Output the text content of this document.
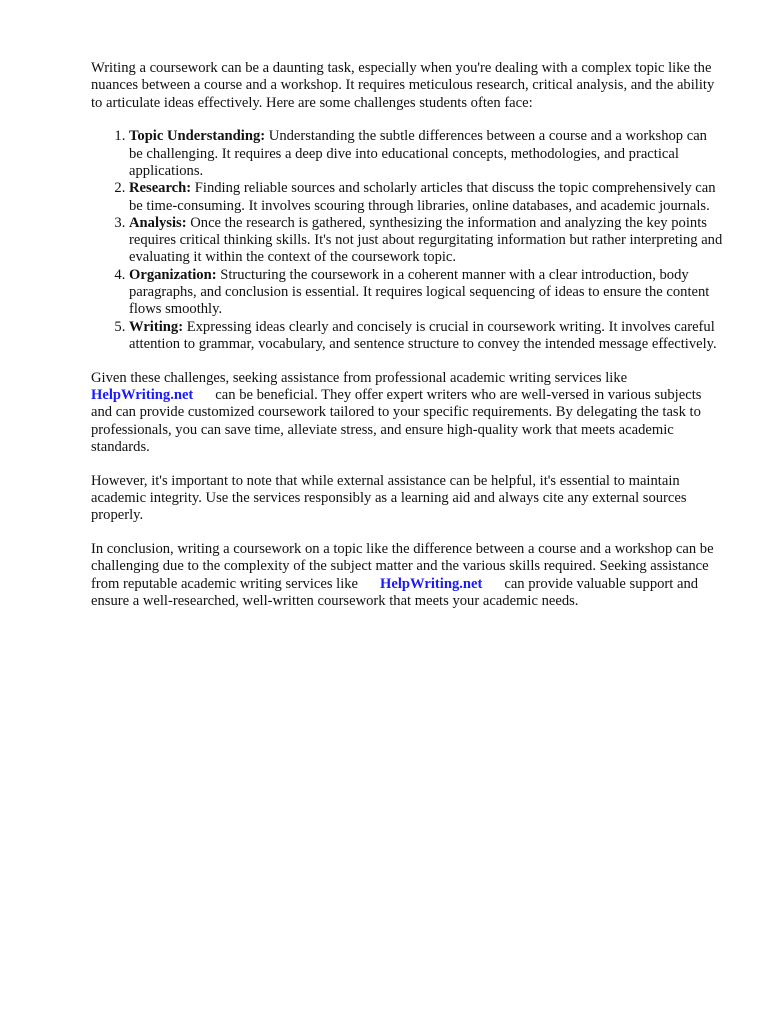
Writing a coursework can be a daunting task, especially when you're dealing with a complex topic like the nuances between a course and a workshop. It requires meticulous research, critical analysis, and the ability to articulate ideas effectively. Here are some challenges students often face:

1. Topic Understanding: Understanding the subtle differences between a course and a workshop can be challenging. It requires a deep dive into educational concepts, methodologies, and practical applications.
2. Research: Finding reliable sources and scholarly articles that discuss the topic comprehensively can be time-consuming. It involves scouring through libraries, online databases, and academic journals.
3. Analysis: Once the research is gathered, synthesizing the information and analyzing the key points requires critical thinking skills. It's not just about regurgitating information but rather interpreting and evaluating it within the context of the coursework topic.
4. Organization: Structuring the coursework in a coherent manner with a clear introduction, body paragraphs, and conclusion is essential. It requires logical sequencing of ideas to ensure the content flows smoothly.
5. Writing: Expressing ideas clearly and concisely is crucial in coursework writing. It involves careful attention to grammar, vocabulary, and sentence structure to convey the intended message effectively.

Given these challenges, seeking assistance from professional academic writing services like HelpWriting.net can be beneficial. They offer expert writers who are well-versed in various subjects and can provide customized coursework tailored to your specific requirements. By delegating the task to professionals, you can save time, alleviate stress, and ensure high-quality work that meets academic standards.

However, it's important to note that while external assistance can be helpful, it's essential to maintain academic integrity. Use the services responsibly as a learning aid and always cite any external sources properly.

In conclusion, writing a coursework on a topic like the difference between a course and a workshop can be challenging due to the complexity of the subject matter and the various skills required. Seeking assistance from reputable academic writing services like HelpWriting.net can provide valuable support and ensure a well-researched, well-written coursework that meets your academic needs.
